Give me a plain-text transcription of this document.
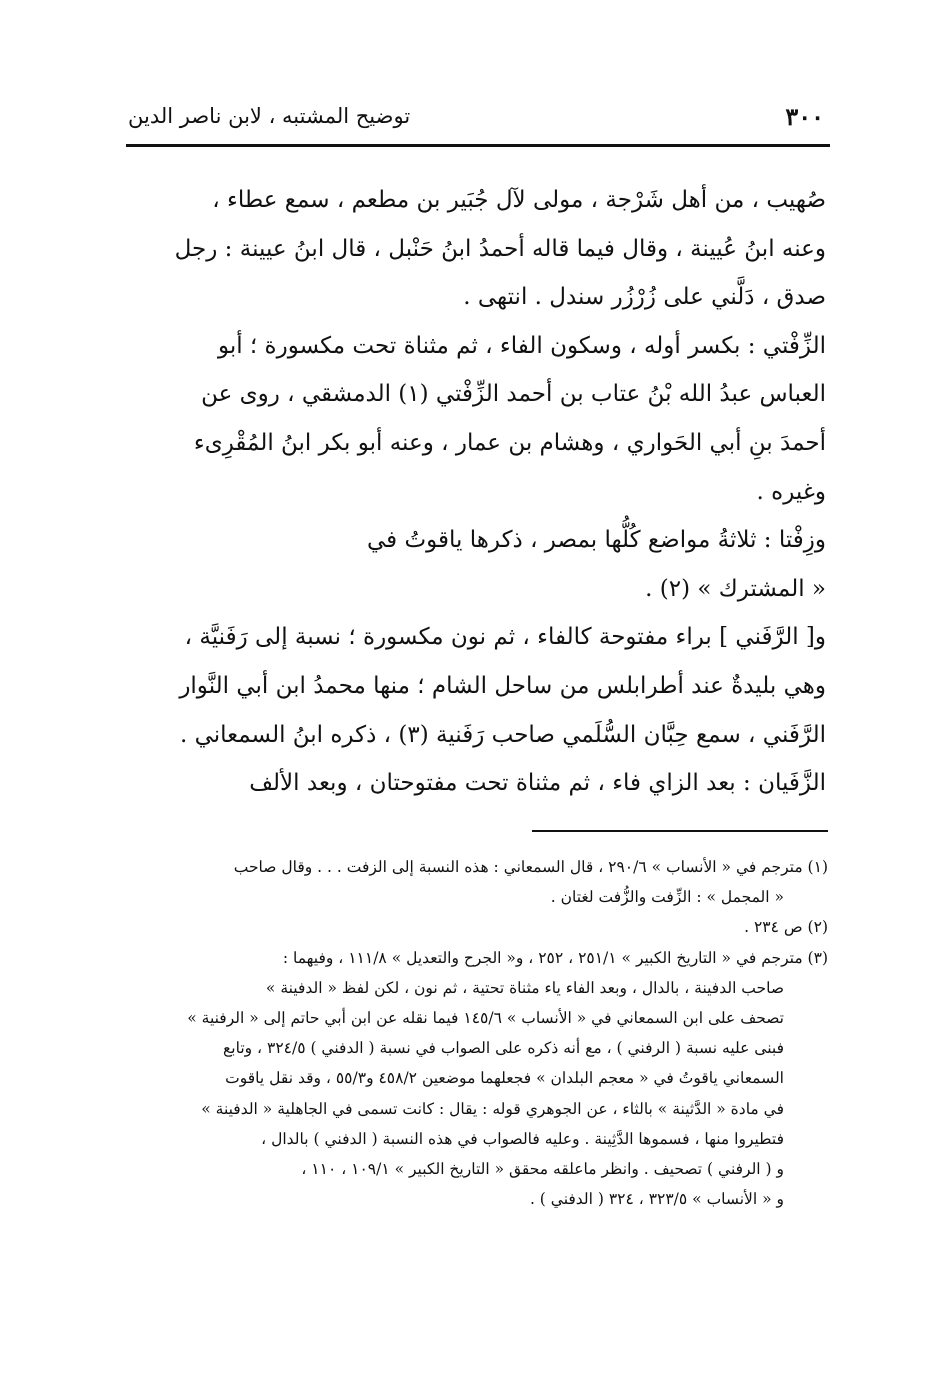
٣٠٠
توضيح المشتبه ، لابن ناصر الدين
صُهيب ، من أهل شَرْجة ، مولى لآل جُبَير بن مطعم ، سمع عطاء ،
وعنه ابنُ عُيينة ، وقال فيما قاله أحمدُ ابنُ حَنْبل ، قال ابنُ عيينة : رجل
صدق ، دَلَّني على زُرْزُر سندل . انتهى .
الزِّفْتي : بكسر أوله ، وسكون الفاء ، ثم مثناة تحت مكسورة ؛ أبو
العباس عبدُ الله بْنُ عتاب بن أحمد الزِّفْتي (١) الدمشقي ، روى عن
أحمدَ بنِ أبي الحَواري ، وهشام بن عمار ، وعنه أبو بكر ابنُ المُقْرِىء
وغيره .
وزِفْتا : ثلاثةُ مواضع كُلُّها بمصر ، ذكرها ياقوتُ في
« المشترك » (٢) .
و[ الرَّفَني ] براء مفتوحة كالفاء ، ثم نون مكسورة ؛ نسبة إلى رَفَنيَّة ،
وهي بليدةٌ عند أطرابلس من ساحل الشام ؛ منها محمدُ ابن أبي النَّوار
الرَّفَني ، سمع حِبَّان السُّلَمي صاحب رَفَنية (٣) ، ذكره ابنُ السمعاني .
الزَّفَيان : بعد الزاي فاء ، ثم مثناة تحت مفتوحتان ، وبعد الألف
(١) مترجم في « الأنساب » ٢٩٠/٦ ، قال السمعاني : هذه النسبة إلى الزفت . . . وقال صاحب
« المجمل » : الزِّفت والزُّفت لغتان .
(٢) ص ٢٣٤ .
(٣) مترجم في « التاريخ الكبير » ٢٥١/١ ، ٢٥٢ ، و« الجرح والتعديل » ١١١/٨ ، وفيهما :
صاحب الدفينة ، بالدال ، وبعد الفاء ياء مثناة تحتية ، ثم نون ، لكن لفظ « الدفينة »
تصحف على ابن السمعاني في « الأنساب » ١٤٥/٦ فيما نقله عن ابن أبي حاتم إلى « الرفنية »
فبنى عليه نسبة ( الرفني ) ، مع أنه ذكره على الصواب في نسبة ( الدفني ) ٣٢٤/٥ ، وتابع
السمعاني ياقوتُ في « معجم البلدان » فجعلهما موضعين ٤٥٨/٢ و٥٥/٣ ، وقد نقل ياقوت
في مادة « الدَّثينة » بالثاء ، عن الجوهري قوله : يقال : كانت تسمى في الجاهلية « الدفينة »
فتطيروا منها ، فسموها الدَّثِينة . وعليه فالصواب في هذه النسبة ( الدفني ) بالدال ،
و ( الرفني ) تصحيف . وانظر ماعلقه محقق « التاريخ الكبير » ١٠٩/١ ، ١١٠ ،
و « الأنساب » ٣٢٣/٥ ، ٣٢٤ ( الدفني ) .
